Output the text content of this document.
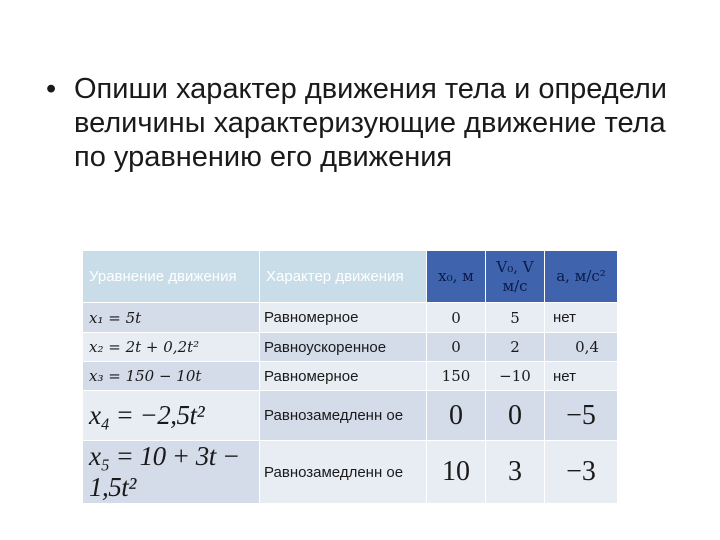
• Опиши характер движения тела и определи величины характеризующие движение тела по уравнению его движения
Уравнение движения	Характер движения	x₀, м	V₀, V м/с	a, м/с²
x₁ = 5t	Равномерное	0	5	нет
x₂ = 2t + 0,2t²	Равноускоренное	0	2	0,4
x₃ = 150 − 10t	Равномерное	150	−10	нет
x₄ = −2,5t²	Равнозамедленн ое	0	0	−5
x₅ = 10 + 3t − 1,5t²	Равнозамедленн ое	10	3	−3
